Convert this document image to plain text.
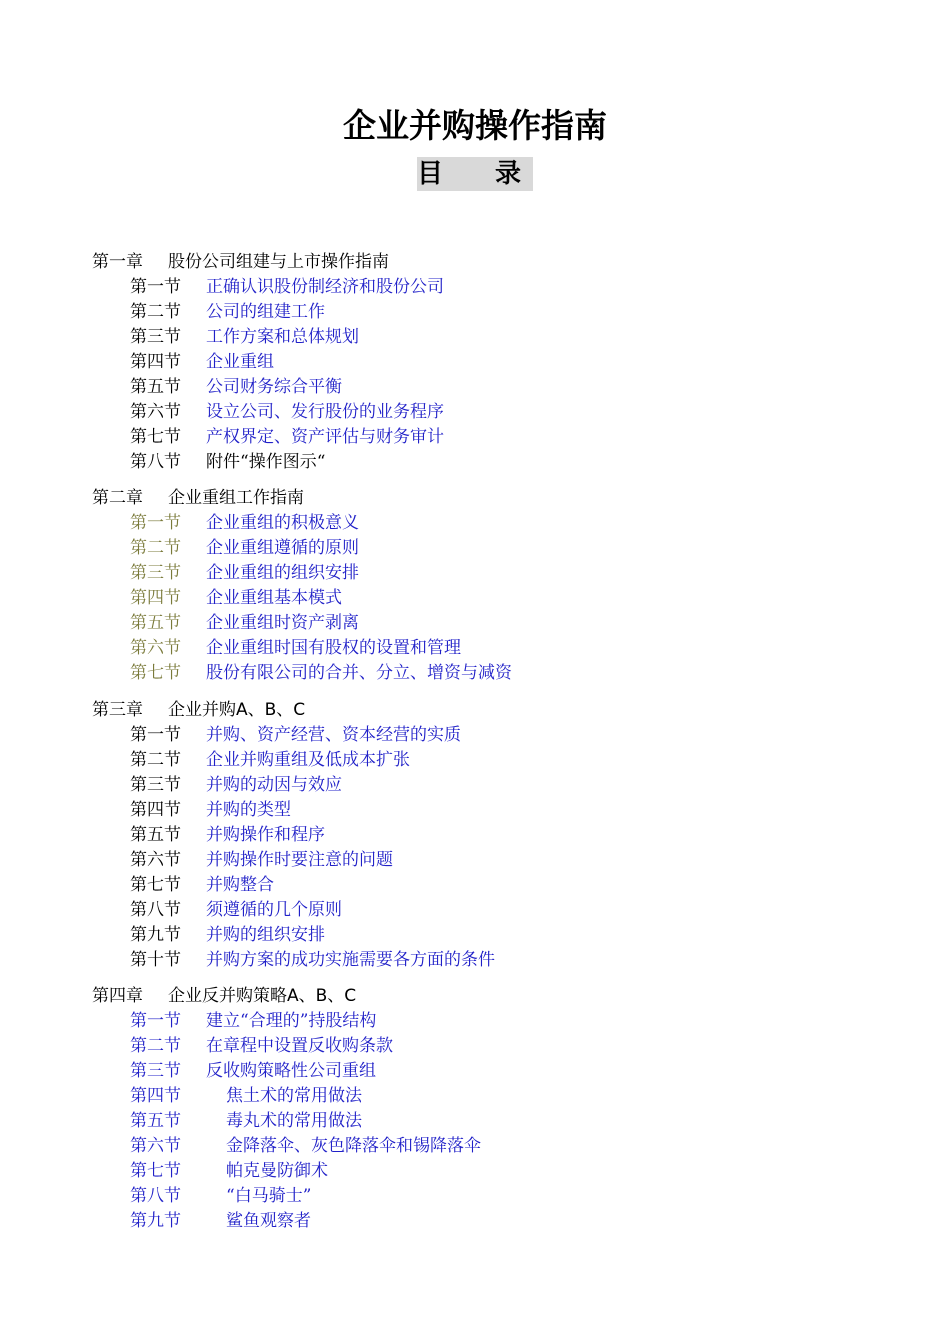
企业并购操作指南
目　　录
第一章 股份公司组建与上市操作指南
第一节 正确认识股份制经济和股份公司
第二节 公司的组建工作
第三节 工作方案和总体规划
第四节 企业重组
第五节 公司财务综合平衡
第六节 设立公司、发行股份的业务程序
第七节 产权界定、资产评估与财务审计
第八节 附件“操作图示“
第二章 企业重组工作指南
第一节 企业重组的积极意义
第二节 企业重组遵循的原则
第三节 企业重组的组织安排
第四节 企业重组基本模式
第五节 企业重组时资产剥离
第六节 企业重组时国有股权的设置和管理
第七节 股份有限公司的合并、分立、增资与减资
第三章 企业并购A、B、C
第一节 并购、资产经营、资本经营的实质
第二节 企业并购重组及低成本扩张
第三节 并购的动因与效应
第四节 并购的类型
第五节 并购操作和程序
第六节 并购操作时要注意的问题
第七节 并购整合
第八节 须遵循的几个原则
第九节 并购的组织安排
第十节 并购方案的成功实施需要各方面的条件
第四章 企业反并购策略A、B、C
第一节 建立“合理的”持股结构
第二节 在章程中设置反收购条款
第三节 反收购策略性公司重组
第四节	焦土术的常用做法
第五节	毒丸术的常用做法
第六节	金降落伞、灰色降落伞和锡降落伞
第七节	帕克曼防御术
第八节	“白马骑士”
第九节	鲨鱼观察者
